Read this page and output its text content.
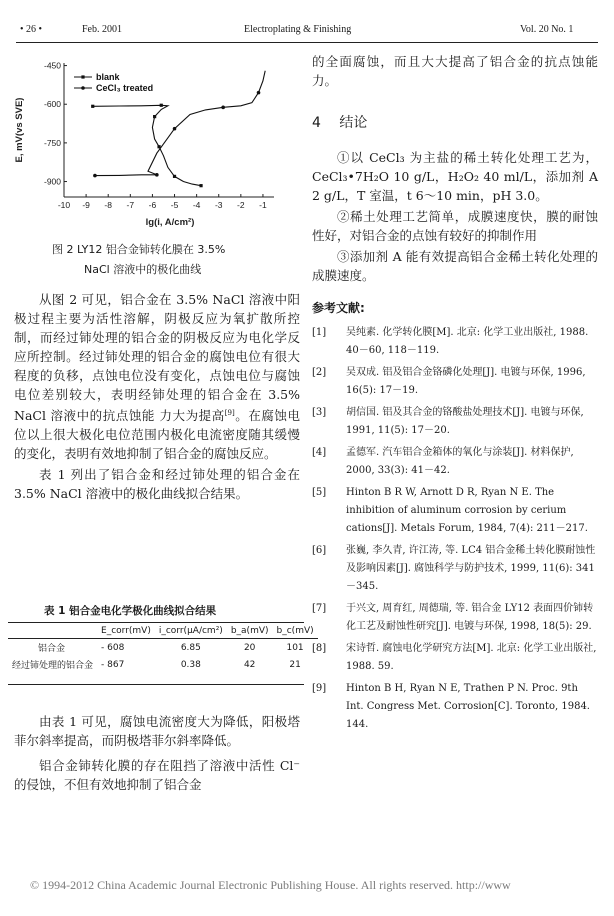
• 26 •	Feb. 2001	Electroplating & Finishing	Vol. 20 No. 1
-10 -9 -8 -7 -6 -5 -4 -3 -2 -1
-450
-600
-750
-900
blank
CeCl₃ treated
lg(i, A/cm²)
E, mV(vs SVE)
图 2 LY12 铝合金铈转化膜在 3.5%
NaCl 溶液中的极化曲线

从图 2 可见，铝合金在 3.5% NaCl 溶液中阳极过程主要为活性溶解，阴极反应为氧扩散所控制，而经过铈处理的铝合金的阴极反应为电化学反应所控制。经过铈处理的铝合金的腐蚀电位有很大程度的负移，点蚀电位没有变化，点蚀电位与腐蚀电位差别较大，表明经铈处理的铝合金在 3.5% NaCl 溶液中的抗点蚀能 力大为提高[9]。在腐蚀电位以上很大极化电位范围内极化电流密度随其缓慢的变化，表明有效地抑制了铝合金的腐蚀反应。

表 1 列出了铝合金和经过铈处理的铝合金在 3.5% NaCl 溶液中的极化曲线拟合结果。

表 1 铝合金电化学极化曲线拟合结果
	E_corr(mV)	i_corr(μA/cm²)	b_a(mV)	b_c(mV)
铝合金	- 608	6.85	20	101
经过铈处理的铝合金	- 867	0.38	42	21

由表 1 可见，腐蚀电流密度大为降低，阳极塔菲尔斜率提高，而阴极塔菲尔斜率降低。

铝合金铈转化膜的存在阻挡了溶液中活性 Cl⁻ 的侵蚀，不但有效地抑制了铝合金

的全面腐蚀，而且大大提高了铝合金的抗点蚀能力。

4 结论

①以 CeCl₃ 为主盐的稀土转化处理工艺为，CeCl₃•7H₂O 10 g/L，H₂O₂ 40 ml/L，添加剂 A 2 g/L，T 室温，t 6～10 min，pH 3.0。

②稀土处理工艺简单，成膜速度快，膜的耐蚀性好，对铝合金的点蚀有较好的抑制作用

③添加剂 A 能有效提高铝合金稀土转化处理的成膜速度。

参考文献:
[1]	吴纯素. 化学转化膜[M]. 北京: 化学工业出版社, 1988. 40－60, 118－119.
[2]	吴双成. 铝及铝合金铬磷化处理[J]. 电镀与环保, 1996, 16(5): 17－19.
[3]	胡信国. 铝及其合金的铬酸盐处理技术[J]. 电镀与环保, 1991, 11(5): 17－20.
[4]	孟德军. 汽车铝合金箱体的氧化与涂装[J]. 材料保护, 2000, 33(3): 41－42.
[5]	Hinton B R W, Arnott D R, Ryan N E. The inhibition of aluminum corrosion by cerium cations[J]. Metals Forum, 1984, 7(4): 211－217.
[6]	张巍, 李久青, 许江涛, 等. LC4 铝合金稀土转化膜耐蚀性及影响因素[J]. 腐蚀科学与防护技术, 1999, 11(6): 341－345.
[7]	于兴文, 周育红, 周德瑞, 等. 铝合金 LY12 表面四价铈转化工艺及耐蚀性研究[J]. 电镀与环保, 1998, 18(5): 29.
[8]	宋诗哲. 腐蚀电化学研究方法[M]. 北京: 化学工业出版社, 1988. 59.
[9]	Hinton B H, Ryan N E, Trathen P N. Proc. 9th Int. Congress Met. Corrosion[C]. Toronto, 1984. 144.
© 1994-2012 China Academic Journal Electronic Publishing House. All rights reserved. http://www
